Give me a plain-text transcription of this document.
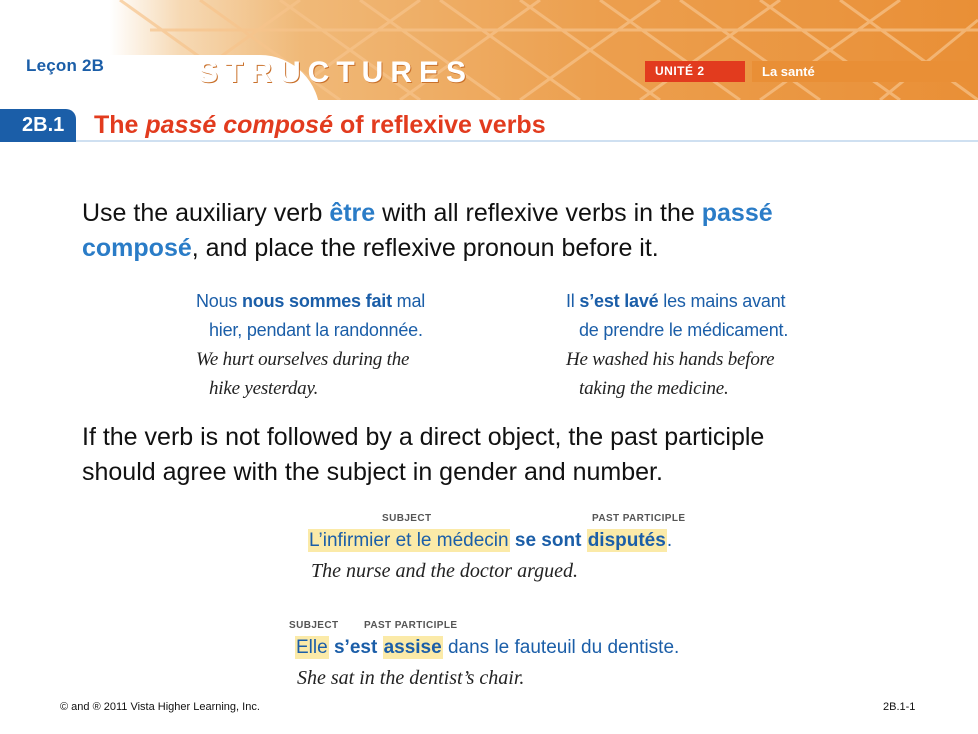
Leçon 2B	STRUCTURES	UNITÉ 2	La santé
2B.1	The passé composé of reflexive verbs
Use the auxiliary verb être with all reflexive verbs in the passé
composé, and place the reflexive pronoun before it.
Nous nous sommes fait mal
hier, pendant la randonnée.
We hurt ourselves during the
hike yesterday.
Il s’est lavé les mains avant
de prendre le médicament.
He washed his hands before
taking the medicine.
If the verb is not followed by a direct object, the past participle
should agree with the subject in gender and number.
SUBJECT	PAST PARTICIPLE
L’infirmier et le médecin se sont disputés.
The nurse and the doctor argued.
SUBJECT	PAST PARTICIPLE
Elle s’est assise dans le fauteuil du dentiste.
She sat in the dentist’s chair.
© and ® 2011 Vista Higher Learning, Inc.	2B.1-1
